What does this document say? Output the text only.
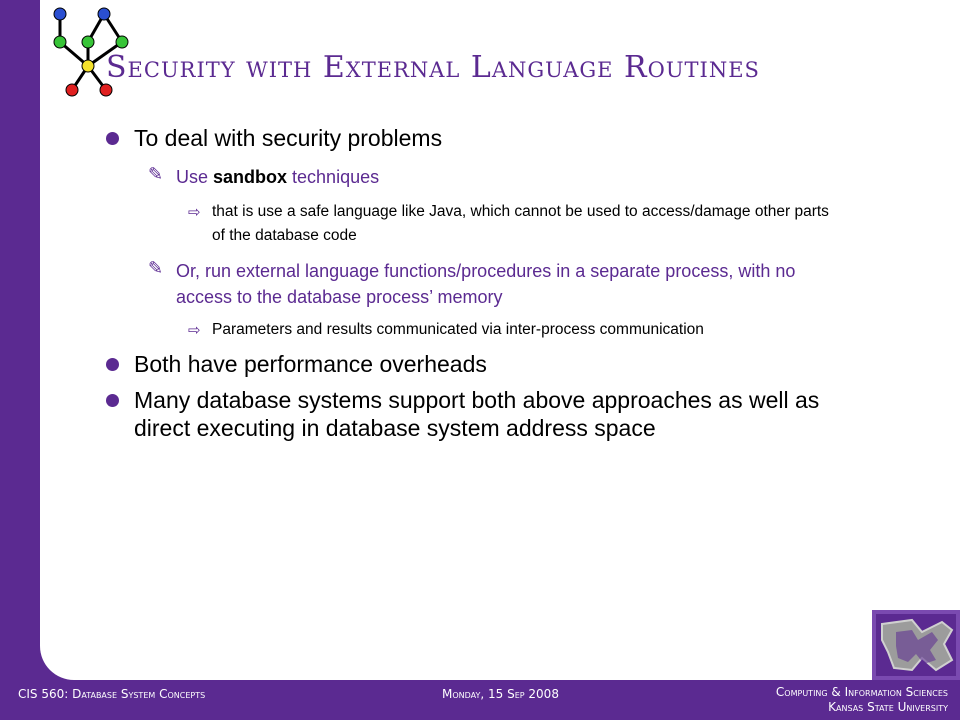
Security with External Language Routines
To deal with security problems
✎ Use sandbox techniques
⇨ that is use a safe language like Java, which cannot be used to access/damage other parts of the database code
✎ Or, run external language functions/procedures in a separate process, with no access to the database process’ memory
⇨ Parameters and results communicated via inter-process communication
Both have performance overheads
Many database systems support both above approaches as well as direct executing in database system address space
CIS 560: Database System Concepts	Monday, 15 Sep 2008	Computing & Information Sciences
Kansas State University
